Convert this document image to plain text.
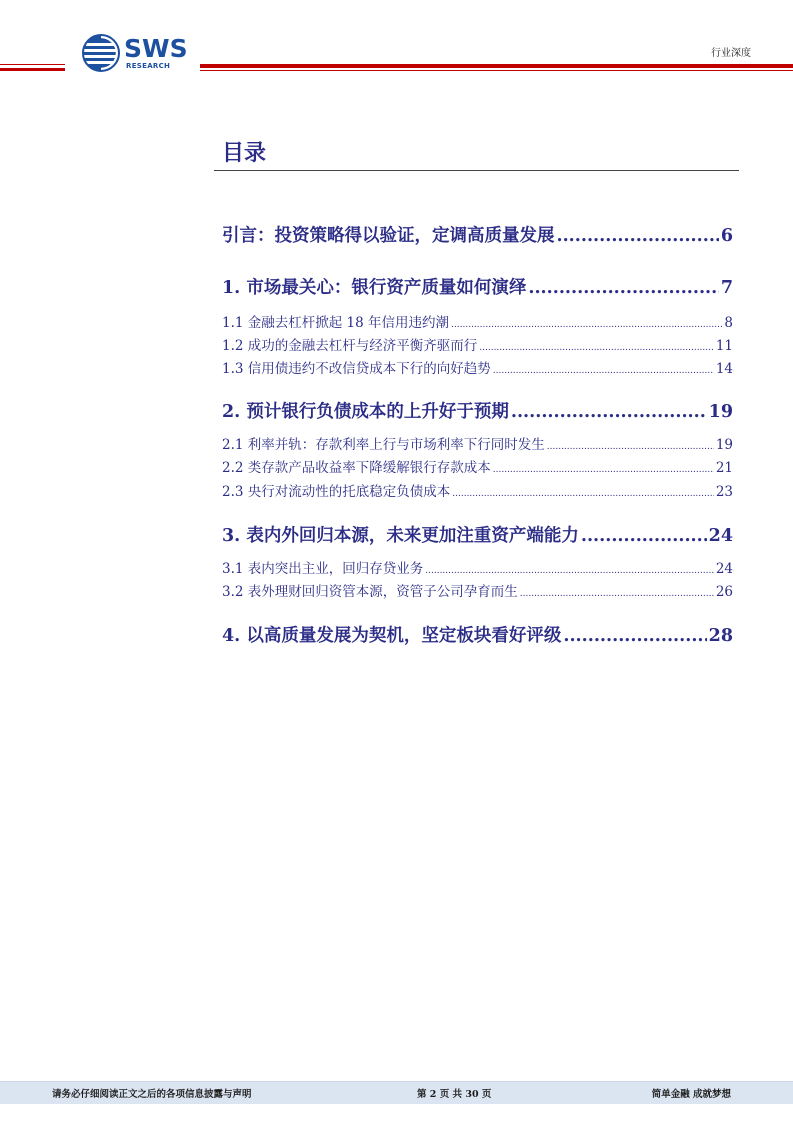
SWS
RESEARCH
行业深度
目录
引言：投资策略得以验证，定调高质量发展 .....	6
1. 市场最关心：银行资产质量如何演绎 .....	7
1.1 金融去杠杆掀起 18 年信用违约潮 .....	8
1.2 成功的金融去杠杆与经济平衡齐驱而行 .....	11
1.3 信用债违约不改信贷成本下行的向好趋势 .....	14
2. 预计银行负债成本的上升好于预期 .....	19
2.1 利率并轨：存款利率上行与市场利率下行同时发生 .....	19
2.2 类存款产品收益率下降缓解银行存款成本 .....	21
2.3 央行对流动性的托底稳定负债成本 .....	23
3. 表内外回归本源，未来更加注重资产端能力 .....	24
3.1 表内突出主业，回归存贷业务 .....	24
3.2 表外理财回归资管本源，资管子公司孕育而生 .....	26
4. 以高质量发展为契机，坚定板块看好评级 .....	28
请务必仔细阅读正文之后的各项信息披露与声明	第 2 页 共 30 页	简单金融 成就梦想
